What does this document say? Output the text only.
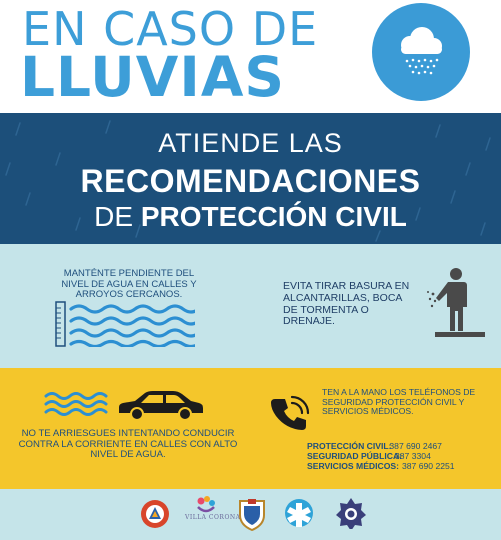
EN CASO DE
LLUVIAS
ATIENDE LAS
RECOMENDACIONES
DE PROTECCIÓN CIVIL
MANTÉNTE PENDIENTE DEL NIVEL DE AGUA EN CALLES Y ARROYOS CERCANOS.
EVITA TIRAR BASURA EN ALCANTARILLAS, BOCA DE TORMENTA O DRENAJE.
NO TE ARRIESGUES INTENTANDO CONDUCIR CONTRA LA CORRIENTE EN CALLES CON ALTO NIVEL DE AGUA.
TEN A LA MANO LOS TELÉFONOS DE SEGURIDAD PROTECCIÓN CIVIL Y SERVICIOS MÉDICOS.
PROTECCIÓN CIVIL: 387 690 2467
SEGURIDAD PÚBLICA:387 3304
SERVICIOS MÉDICOS: 387 690 2251
VILLA CORONA
